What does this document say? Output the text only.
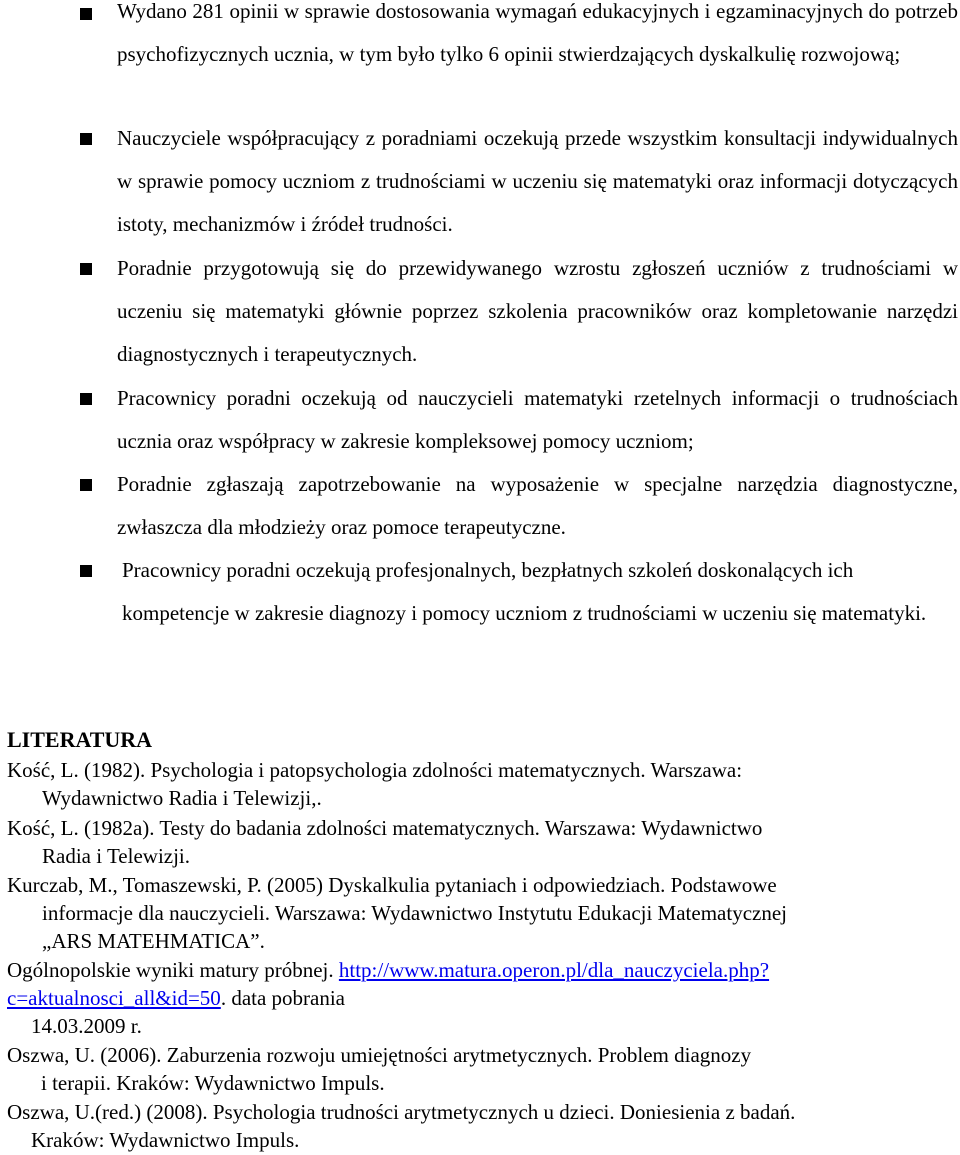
Wydano 281 opinii w sprawie dostosowania wymagań edukacyjnych i egzaminacyjnych do potrzeb psychofizycznych ucznia, w tym było tylko 6 opinii stwierdzających dyskalkulię rozwojową;

Nauczyciele współpracujący z poradniami oczekują przede wszystkim konsultacji indywidualnych w sprawie pomocy uczniom z trudnościami w uczeniu się matematyki oraz informacji dotyczących istoty, mechanizmów i źródeł trudności.

Poradnie przygotowują się do przewidywanego wzrostu zgłoszeń uczniów z trudnościami w uczeniu się matematyki głównie poprzez szkolenia pracowników oraz kompletowanie narzędzi diagnostycznych i terapeutycznych.

Pracownicy poradni oczekują od nauczycieli matematyki rzetelnych informacji o trudnościach ucznia oraz współpracy w zakresie kompleksowej pomocy uczniom;

Poradnie zgłaszają zapotrzebowanie na wyposażenie w specjalne narzędzia diagnostyczne, zwłaszcza dla młodzieży oraz pomoce terapeutyczne.

Pracownicy poradni oczekują profesjonalnych, bezpłatnych szkoleń doskonalących ich kompetencje w zakresie diagnozy i pomocy uczniom z trudnościami w uczeniu się matematyki.

LITERATURA
Kość, L. (1982). Psychologia i patopsychologia zdolności matematycznych. Warszawa:
Wydawnictwo Radia i Telewizji,.
Kość, L. (1982a). Testy do badania zdolności matematycznych. Warszawa: Wydawnictwo
Radia i Telewizji.
Kurczab, M., Tomaszewski, P. (2005) Dyskalkulia pytaniach i odpowiedziach. Podstawowe
informacje dla nauczycieli. Warszawa: Wydawnictwo Instytutu Edukacji Matematycznej
„ARS MATEHMATICA”.
Ogólnopolskie wyniki matury próbnej. http://www.matura.operon.pl/dla_nauczyciela.php?
c=aktualnosci_all&id=50. data pobrania
14.03.2009 r.
Oszwa, U. (2006). Zaburzenia rozwoju umiejętności arytmetycznych. Problem diagnozy
i terapii. Kraków: Wydawnictwo Impuls.
Oszwa, U.(red.) (2008). Psychologia trudności arytmetycznych u dzieci. Doniesienia z badań.
Kraków: Wydawnictwo Impuls.
